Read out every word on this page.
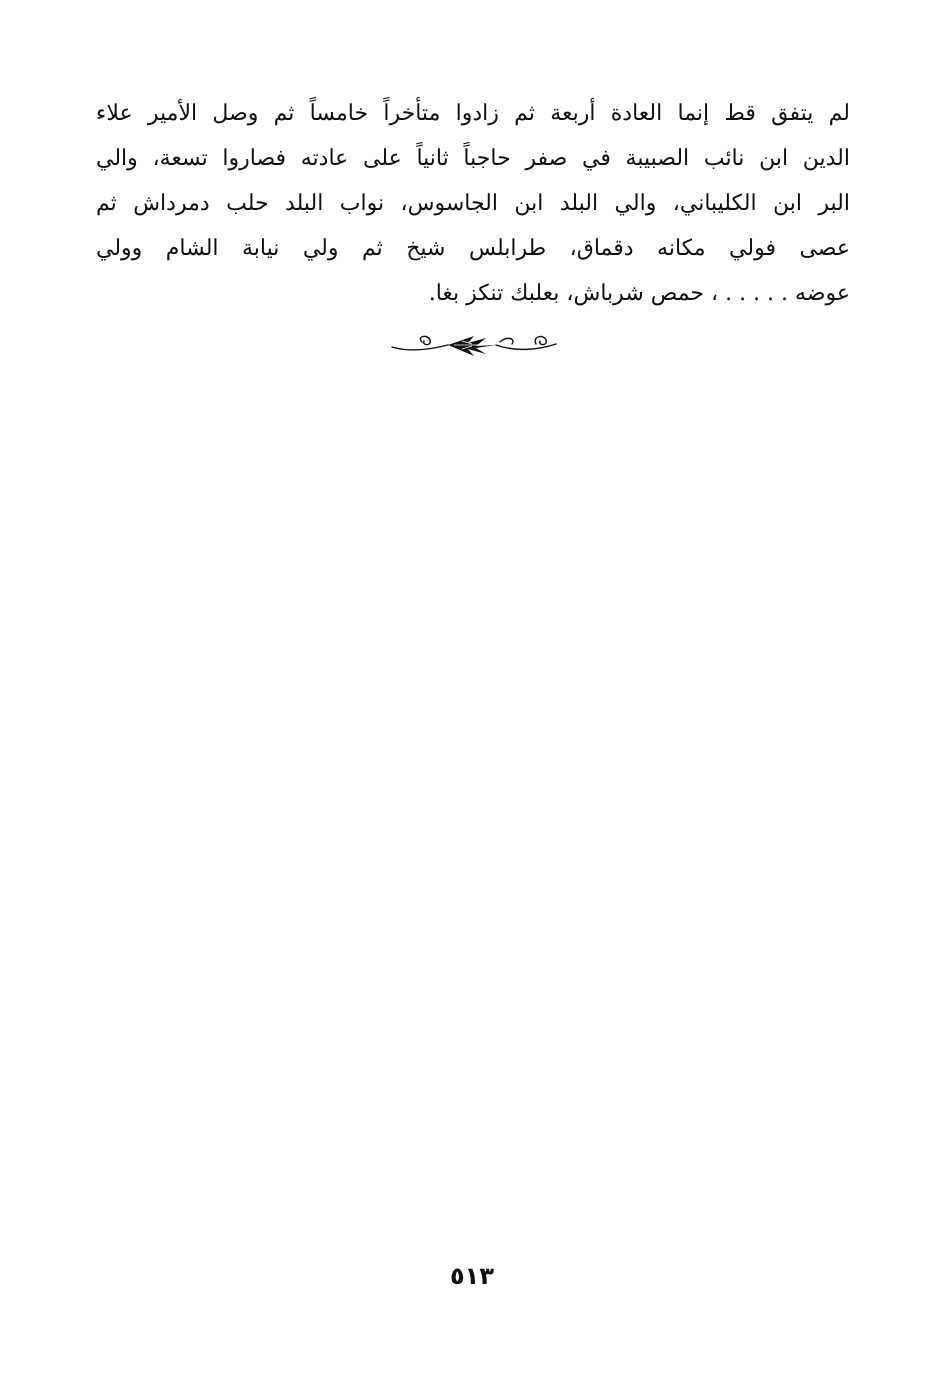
لم يتفق قط إنما العادة أربعة ثم زادوا متأخراً خامساً ثم وصل الأمير علاء
الدين ابن نائب الصبيبة في صفر حاجباً ثانياً على عادته فصاروا تسعة، والي
البر ابن الكليباني، والي البلد ابن الجاسوس، نواب البلد حلب دمرداش ثم
عصى فولي مكانه دقماق، طرابلس شيخ ثم ولي نيابة الشام وولي
عوضه . . . . . ، حمص شرباش، بعلبك تنكز بغا.
٥١٣
